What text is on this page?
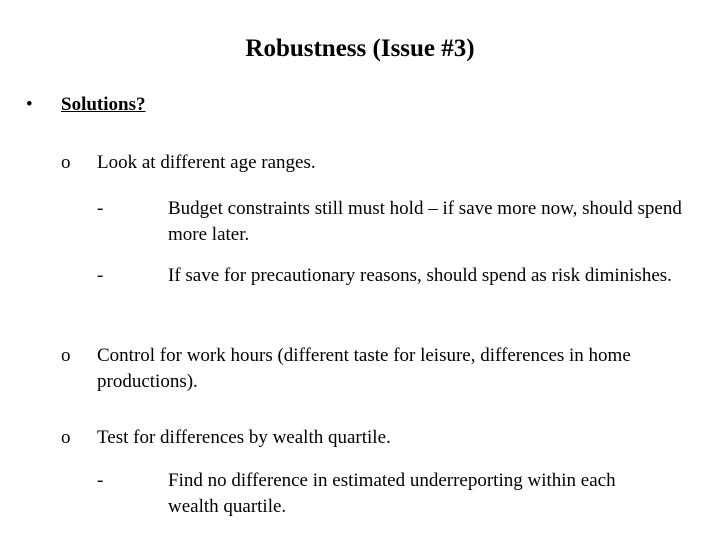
Robustness (Issue #3)
•	Solutions?
o	Look at different age ranges.
-	Budget constraints still must hold – if save more now, should spend more later.
-	If save for precautionary reasons, should spend as risk diminishes.
o	Control for work hours (different taste for leisure, differences in home productions).
o	Test for differences by wealth quartile.
-	Find no difference in estimated underreporting within each wealth quartile.
